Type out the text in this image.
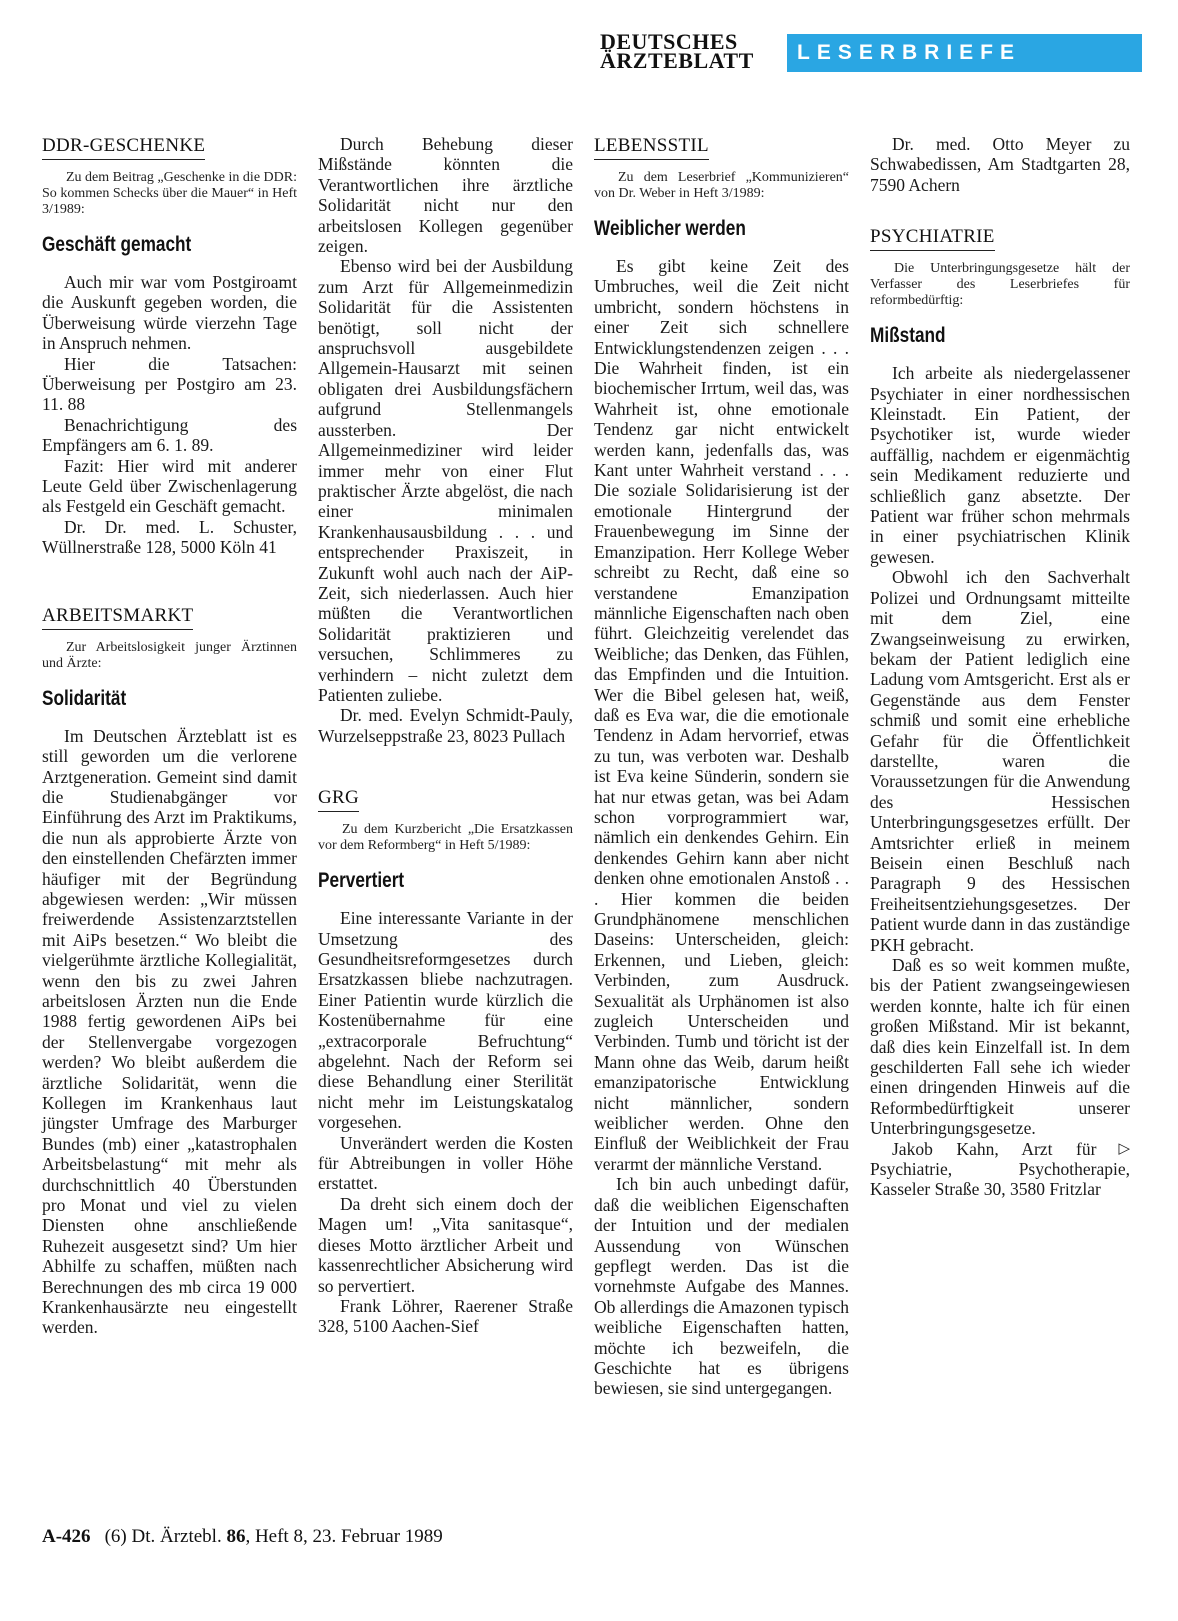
DEUTSCHES
ÄRZTEBLATT	LESERBRIEFE
DDR-GESCHENKE
Zu dem Beitrag „Geschenke in die DDR: So kommen Schecks über die Mauer“ in Heft 3/1989:
Geschäft gemacht

Auch mir war vom Postgiroamt die Auskunft gegeben worden, die Überweisung würde vierzehn Tage in Anspruch nehmen.

Hier die Tatsachen: Überweisung per Postgiro am 23. 11. 88

Benachrichtigung des Empfängers am 6. 1. 89.

Fazit: Hier wird mit anderer Leute Geld über Zwischenlagerung als Festgeld ein Geschäft gemacht.

Dr. Dr. med. L. Schuster, Wüllnerstraße 128, 5000 Köln 41

ARBEITSMARKT
Zur Arbeitslosigkeit junger Ärztinnen und Ärzte:
Solidarität

Im Deutschen Ärzteblatt ist es still geworden um die verlorene Arztgeneration. Gemeint sind damit die Studienabgänger vor Einführung des Arzt im Praktikums, die nun als approbierte Ärzte von den einstellenden Chefärzten immer häufiger mit der Begründung abgewiesen werden: „Wir müssen freiwerdende Assistenzarztstellen mit AiPs besetzen.“ Wo bleibt die vielgerühmte ärztliche Kollegialität, wenn den bis zu zwei Jahren arbeitslosen Ärzten nun die Ende 1988 fertig gewordenen AiPs bei der Stellenvergabe vorgezogen werden? Wo bleibt außerdem die ärztliche Solidarität, wenn die Kollegen im Krankenhaus laut jüngster Umfrage des Marburger Bundes (mb) einer „katastrophalen Arbeitsbelastung“ mit mehr als durchschnittlich 40 Überstunden pro Monat und viel zu vielen Diensten ohne anschließende Ruhezeit ausgesetzt sind? Um hier Abhilfe zu schaffen, müßten nach Berechnungen des mb circa 19 000 Krankenhausärzte neu eingestellt werden.

Durch Behebung dieser Mißstände könnten die Verantwortlichen ihre ärztliche Solidarität nicht nur den arbeitslosen Kollegen gegenüber zeigen.

Ebenso wird bei der Ausbildung zum Arzt für Allgemeinmedizin Solidarität für die Assistenten benötigt, soll nicht der anspruchsvoll ausgebildete Allgemein-Hausarzt mit seinen obligaten drei Ausbildungsfächern aufgrund Stellenmangels aussterben. Der Allgemeinmediziner wird leider immer mehr von einer Flut praktischer Ärzte abgelöst, die nach einer minimalen Krankenhausausbildung . . . und entsprechender Praxiszeit, in Zukunft wohl auch nach der AiP-Zeit, sich niederlassen. Auch hier müßten die Verantwortlichen Solidarität praktizieren und versuchen, Schlimmeres zu verhindern – nicht zuletzt dem Patienten zuliebe.

Dr. med. Evelyn Schmidt-Pauly, Wurzelseppstraße 23, 8023 Pullach

GRG
Zu dem Kurzbericht „Die Ersatzkassen vor dem Reformberg“ in Heft 5/1989:
Pervertiert

Eine interessante Variante in der Umsetzung des Gesundheitsreformgesetzes durch Ersatzkassen bliebe nachzutragen. Einer Patientin wurde kürzlich die Kostenübernahme für eine „extracorporale Befruchtung“ abgelehnt. Nach der Reform sei diese Behandlung einer Sterilität nicht mehr im Leistungskatalog vorgesehen.

Unverändert werden die Kosten für Abtreibungen in voller Höhe erstattet.

Da dreht sich einem doch der Magen um! „Vita sanitasque“, dieses Motto ärztlicher Arbeit und kassenrechtlicher Absicherung wird so pervertiert.

Frank Löhrer, Raerener Straße 328, 5100 Aachen-Sief

LEBENSSTIL
Zu dem Leserbrief „Kommunizieren“ von Dr. Weber in Heft 3/1989:
Weiblicher werden

Es gibt keine Zeit des Umbruches, weil die Zeit nicht umbricht, sondern höchstens in einer Zeit sich schnellere Entwicklungstendenzen zeigen . . . Die Wahrheit finden, ist ein biochemischer Irrtum, weil das, was Wahrheit ist, ohne emotionale Tendenz gar nicht entwickelt werden kann, jedenfalls das, was Kant unter Wahrheit verstand . . . Die soziale Solidarisierung ist der emotionale Hintergrund der Frauenbewegung im Sinne der Emanzipation. Herr Kollege Weber schreibt zu Recht, daß eine so verstandene Emanzipation männliche Eigenschaften nach oben führt. Gleichzeitig verelendet das Weibliche; das Denken, das Fühlen, das Empfinden und die Intuition. Wer die Bibel gelesen hat, weiß, daß es Eva war, die die emotionale Tendenz in Adam hervorrief, etwas zu tun, was verboten war. Deshalb ist Eva keine Sünderin, sondern sie hat nur etwas getan, was bei Adam schon vorprogrammiert war, nämlich ein denkendes Gehirn. Ein denkendes Gehirn kann aber nicht denken ohne emotionalen Anstoß . . . Hier kommen die beiden Grundphänomene menschlichen Daseins: Unterscheiden, gleich: Erkennen, und Lieben, gleich: Verbinden, zum Ausdruck. Sexualität als Urphänomen ist also zugleich Unterscheiden und Verbinden. Tumb und töricht ist der Mann ohne das Weib, darum heißt emanzipatorische Entwicklung nicht männlicher, sondern weiblicher werden. Ohne den Einfluß der Weiblichkeit der Frau verarmt der männliche Verstand.

Ich bin auch unbedingt dafür, daß die weiblichen Eigenschaften der Intuition und der medialen Aussendung von Wünschen gepflegt werden. Das ist die vornehmste Aufgabe des Mannes. Ob allerdings die Amazonen typisch weibliche Eigenschaften hatten, möchte ich bezweifeln, die Geschichte hat es übrigens bewiesen, sie sind untergegangen.

Dr. med. Otto Meyer zu Schwabedissen, Am Stadtgarten 28, 7590 Achern

PSYCHIATRIE
Die Unterbringungsgesetze hält der Verfasser des Leserbriefes für reformbedürftig:
Mißstand

Ich arbeite als niedergelassener Psychiater in einer nordhessischen Kleinstadt. Ein Patient, der Psychotiker ist, wurde wieder auffällig, nachdem er eigenmächtig sein Medikament reduzierte und schließlich ganz absetzte. Der Patient war früher schon mehrmals in einer psychiatrischen Klinik gewesen.

Obwohl ich den Sachverhalt Polizei und Ordnungsamt mitteilte mit dem Ziel, eine Zwangseinweisung zu erwirken, bekam der Patient lediglich eine Ladung vom Amtsgericht. Erst als er Gegenstände aus dem Fenster schmiß und somit eine erhebliche Gefahr für die Öffentlichkeit darstellte, waren die Voraussetzungen für die Anwendung des Hessischen Unterbringungsgesetzes erfüllt. Der Amtsrichter erließ in meinem Beisein einen Beschluß nach Paragraph 9 des Hessischen Freiheitsentziehungsgesetzes. Der Patient wurde dann in das zuständige PKH gebracht.

Daß es so weit kommen mußte, bis der Patient zwangseingewiesen werden konnte, halte ich für einen großen Mißstand. Mir ist bekannt, daß dies kein Einzelfall ist. In dem geschilderten Fall sehe ich wieder einen dringenden Hinweis auf die Reformbedürftigkeit unserer Unterbringungsgesetze.

▷
Jakob Kahn, Arzt für Psychiatrie, Psychotherapie, Kasseler Straße 30, 3580 Fritzlar

A-426 (6) Dt. Ärztebl. 86, Heft 8, 23. Februar 1989
